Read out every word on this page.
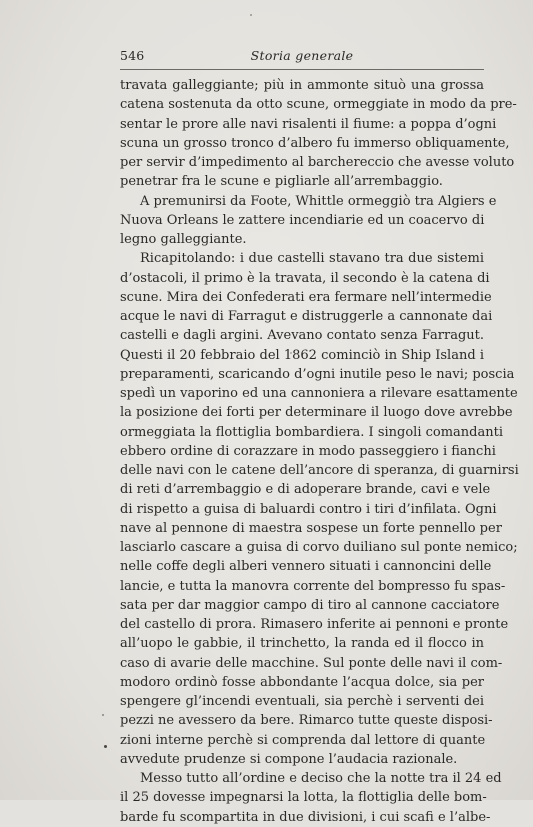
546	Storia generale
travata galleggiante; più in ammonte situò una grossa
catena sostenuta da otto scune, ormeggiate in modo da pre-
sentar le prore alle navi risalenti il fiume: a poppa d’ogni
scuna un grosso tronco d’albero fu immerso obliquamente,
per servir d’impedimento al barchereccio che avesse voluto
penetrar fra le scune e pigliarle all’arrembaggio.
A premunirsi da Foote, Whittle ormeggiò tra Algiers e
Nuova Orleans le zattere incendiarie ed un coacervo di
legno galleggiante.
Ricapitolando: i due castelli stavano tra due sistemi
d’ostacoli, il primo è la travata, il secondo è la catena di
scune. Mira dei Confederati era fermare nell’intermedie
acque le navi di Farragut e distruggerle a cannonate dai
castelli e dagli argini. Avevano contato senza Farragut.
Questi il 20 febbraio del 1862 cominciò in Ship Island i
preparamenti, scaricando d’ogni inutile peso le navi; poscia
spedì un vaporino ed una cannoniera a rilevare esattamente
la posizione dei forti per determinare il luogo dove avrebbe
ormeggiata la flottiglia bombardiera. I singoli comandanti
ebbero ordine di corazzare in modo passeggiero i fianchi
delle navi con le catene dell’ancore di speranza, di guarnirsi
di reti d’arrembaggio e di adoperare brande, cavi e vele
di rispetto a guisa di baluardi contro i tiri d’infilata. Ogni
nave al pennone di maestra sospese un forte pennello per
lasciarlo cascare a guisa di corvo duiliano sul ponte nemico;
nelle coffe degli alberi vennero situati i cannoncini delle
lancie, e tutta la manovra corrente del bompresso fu spas-
sata per dar maggior campo di tiro al cannone cacciatore
del castello di prora. Rimasero inferite ai pennoni e pronte
all’uopo le gabbie, il trinchetto, la randa ed il flocco in
caso di avarie delle macchine. Sul ponte delle navi il com-
modoro ordinò fosse abbondante l’acqua dolce, sia per
spengere gl’incendi eventuali, sia perchè i serventi dei
pezzi ne avessero da bere. Rimarco tutte queste disposi-
zioni interne perchè si comprenda dal lettore di quante
avvedute prudenze si compone l’audacia razionale.
Messo tutto all’ordine e deciso che la notte tra il 24 ed
il 25 dovesse impegnarsi la lotta, la flottiglia delle bom-
barde fu scompartita in due divisioni, i cui scafi e l’albe-
